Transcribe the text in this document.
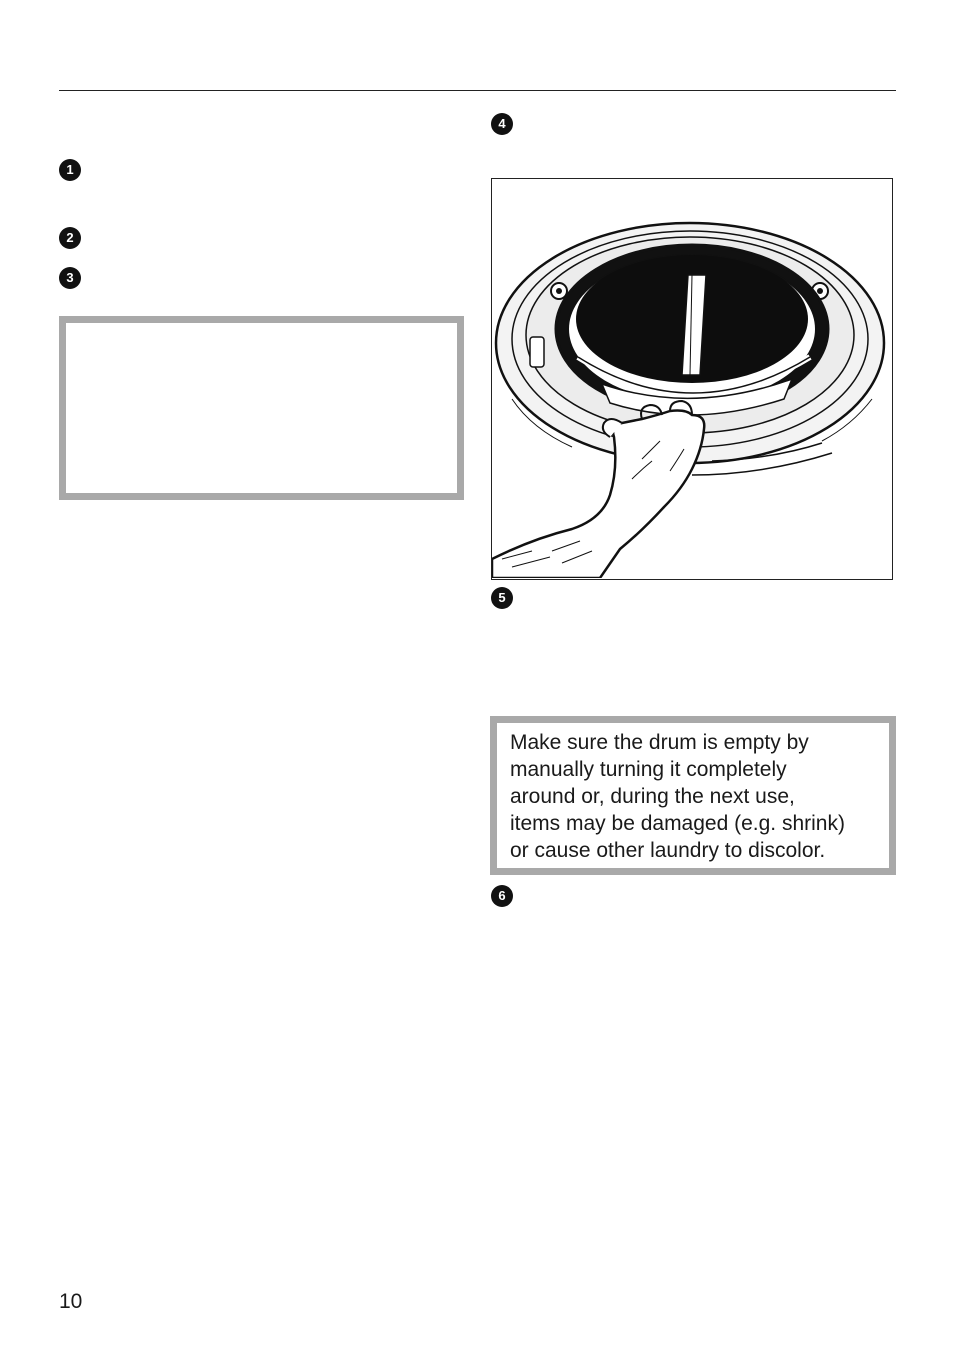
1
2
3
4
5
6

Make sure the drum is empty by
manually turning it completely
around or, during the next use,
items may be damaged (e.g. shrink)
or cause other laundry to discolor.

10
